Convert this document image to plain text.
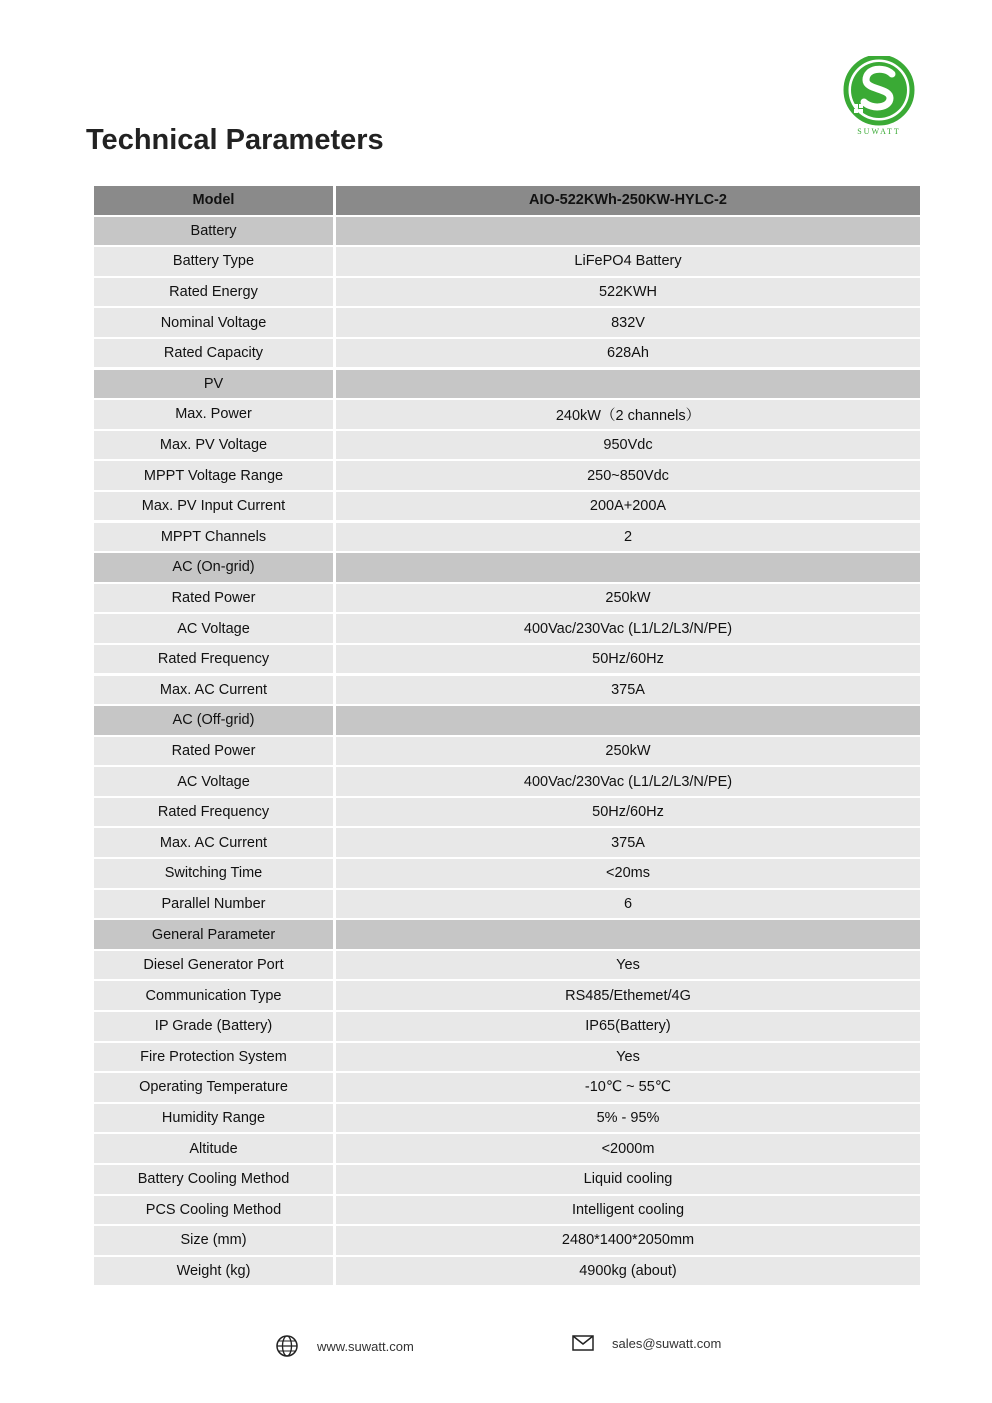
SUWATT
Technical Parameters
Model	AIO-522KWh-250KW-HYLC-2
Battery
Battery Type	LiFePO4 Battery
Rated Energy	522KWH
Nominal Voltage	832V
Rated Capacity	628Ah
PV
Max. Power	240kW（2 channels）
Max. PV Voltage	950Vdc
MPPT Voltage Range	250~850Vdc
Max. PV Input Current	200A+200A
MPPT Channels	2
AC (On-grid)
Rated Power	250kW
AC Voltage	400Vac/230Vac (L1/L2/L3/N/PE)
Rated Frequency	50Hz/60Hz
Max. AC Current	375A
AC (Off-grid)
Rated Power	250kW
AC Voltage	400Vac/230Vac (L1/L2/L3/N/PE)
Rated Frequency	50Hz/60Hz
Max. AC Current	375A
Switching Time	<20ms
Parallel Number	6
General Parameter
Diesel Generator Port	Yes
Communication Type	RS485/Ethemet/4G
IP Grade (Battery)	IP65(Battery)
Fire Protection System	Yes
Operating Temperature	-10℃ ~ 55℃
Humidity Range	5% - 95%
Altitude	<2000m
Battery Cooling Method	Liquid cooling
PCS Cooling Method	Intelligent cooling
Size (mm)	2480*1400*2050mm
Weight (kg)	4900kg (about)
www.suwatt.com	sales@suwatt.com
